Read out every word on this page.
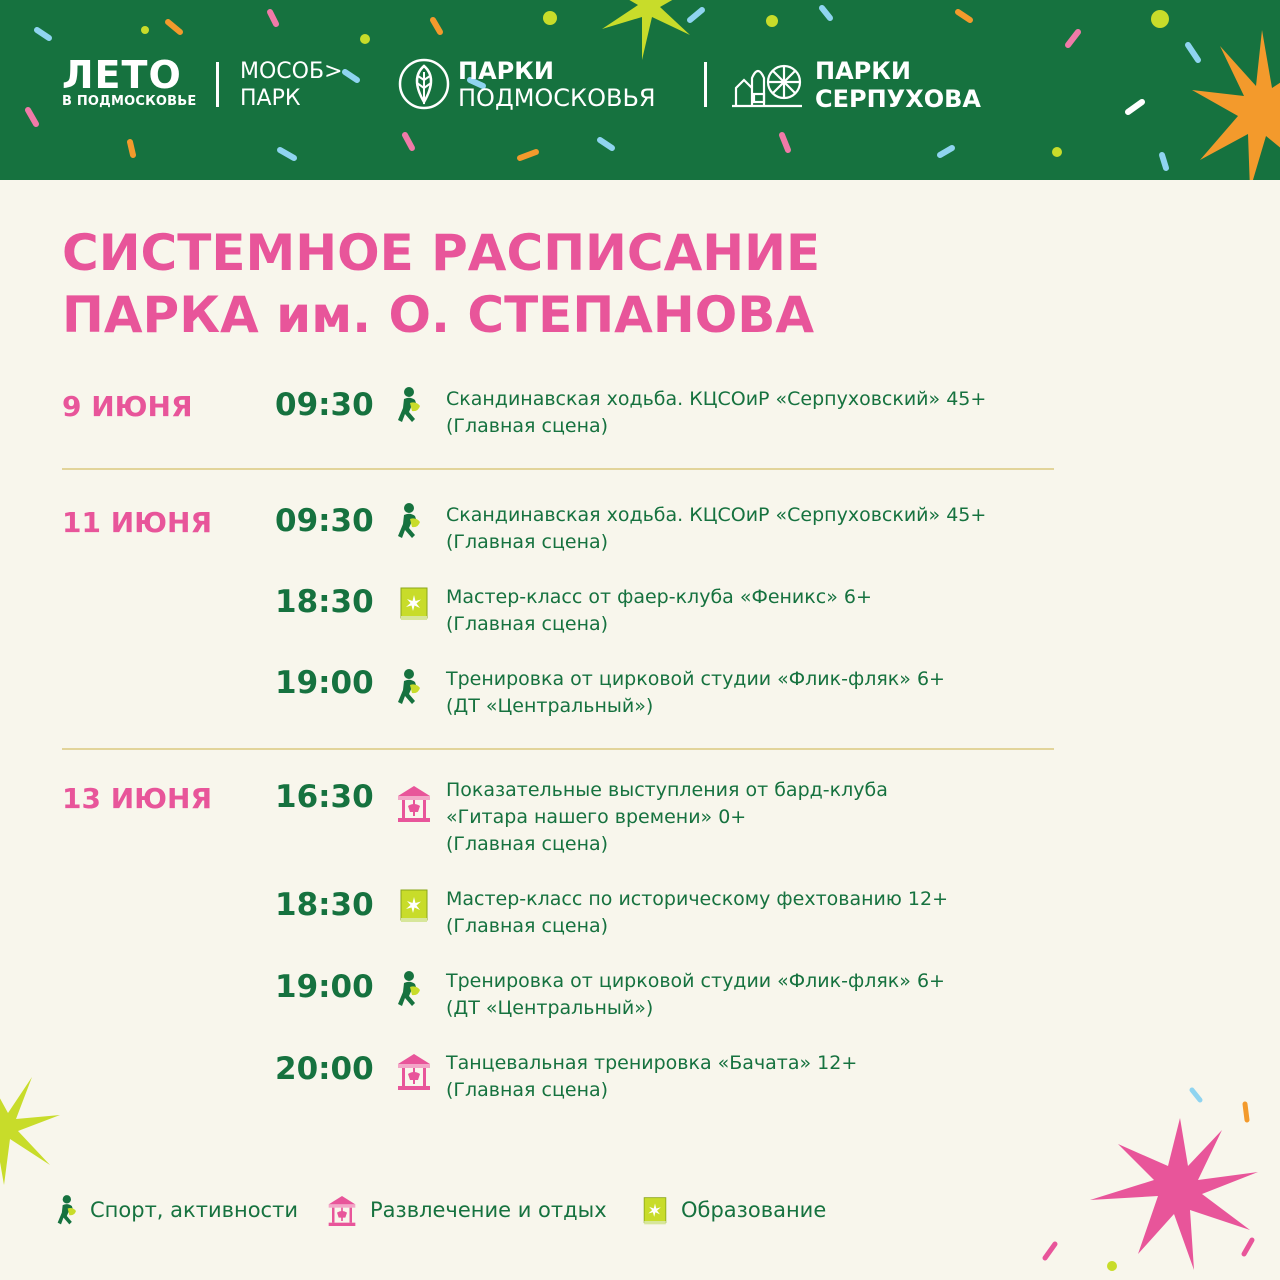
ЛЕТО
В ПОДМОСКОВЬЕ
МОСОБ>
ПАРК
ПАРКИ
ПОДМОСКОВЬЯ
ПАРКИ
СЕРПУХОВА
СИСТЕМНОЕ РАСПИСАНИЕ
ПАРКА им. О. СТЕПАНОВА
9 ИЮНЯ	09:30	Скандинавская ходьба. КЦСОиР «Серпуховский» 45+
(Главная сцена)
11 ИЮНЯ 09:30	Скандинавская ходьба. КЦСОиР «Серпуховский» 45+
(Главная сцена)
18:30	Мастер-класс от фаер-клуба «Феникс» 6+
(Главная сцена)
19:00	Тренировка от цирковой студии «Флик-фляк» 6+
(ДТ «Центральный»)
13 ИЮНЯ 16:30	Показательные выступления от бард-клуба
«Гитара нашего времени» 0+
(Главная сцена)
18:30	Мастер-класс по историческому фехтованию 12+
(Главная сцена)
19:00	Тренировка от цирковой студии «Флик-фляк» 6+
(ДТ «Центральный»)
20:00	Танцевальная тренировка «Бачата» 12+
(Главная сцена)
Спорт, активности	Развлечение и отдых	Образование
